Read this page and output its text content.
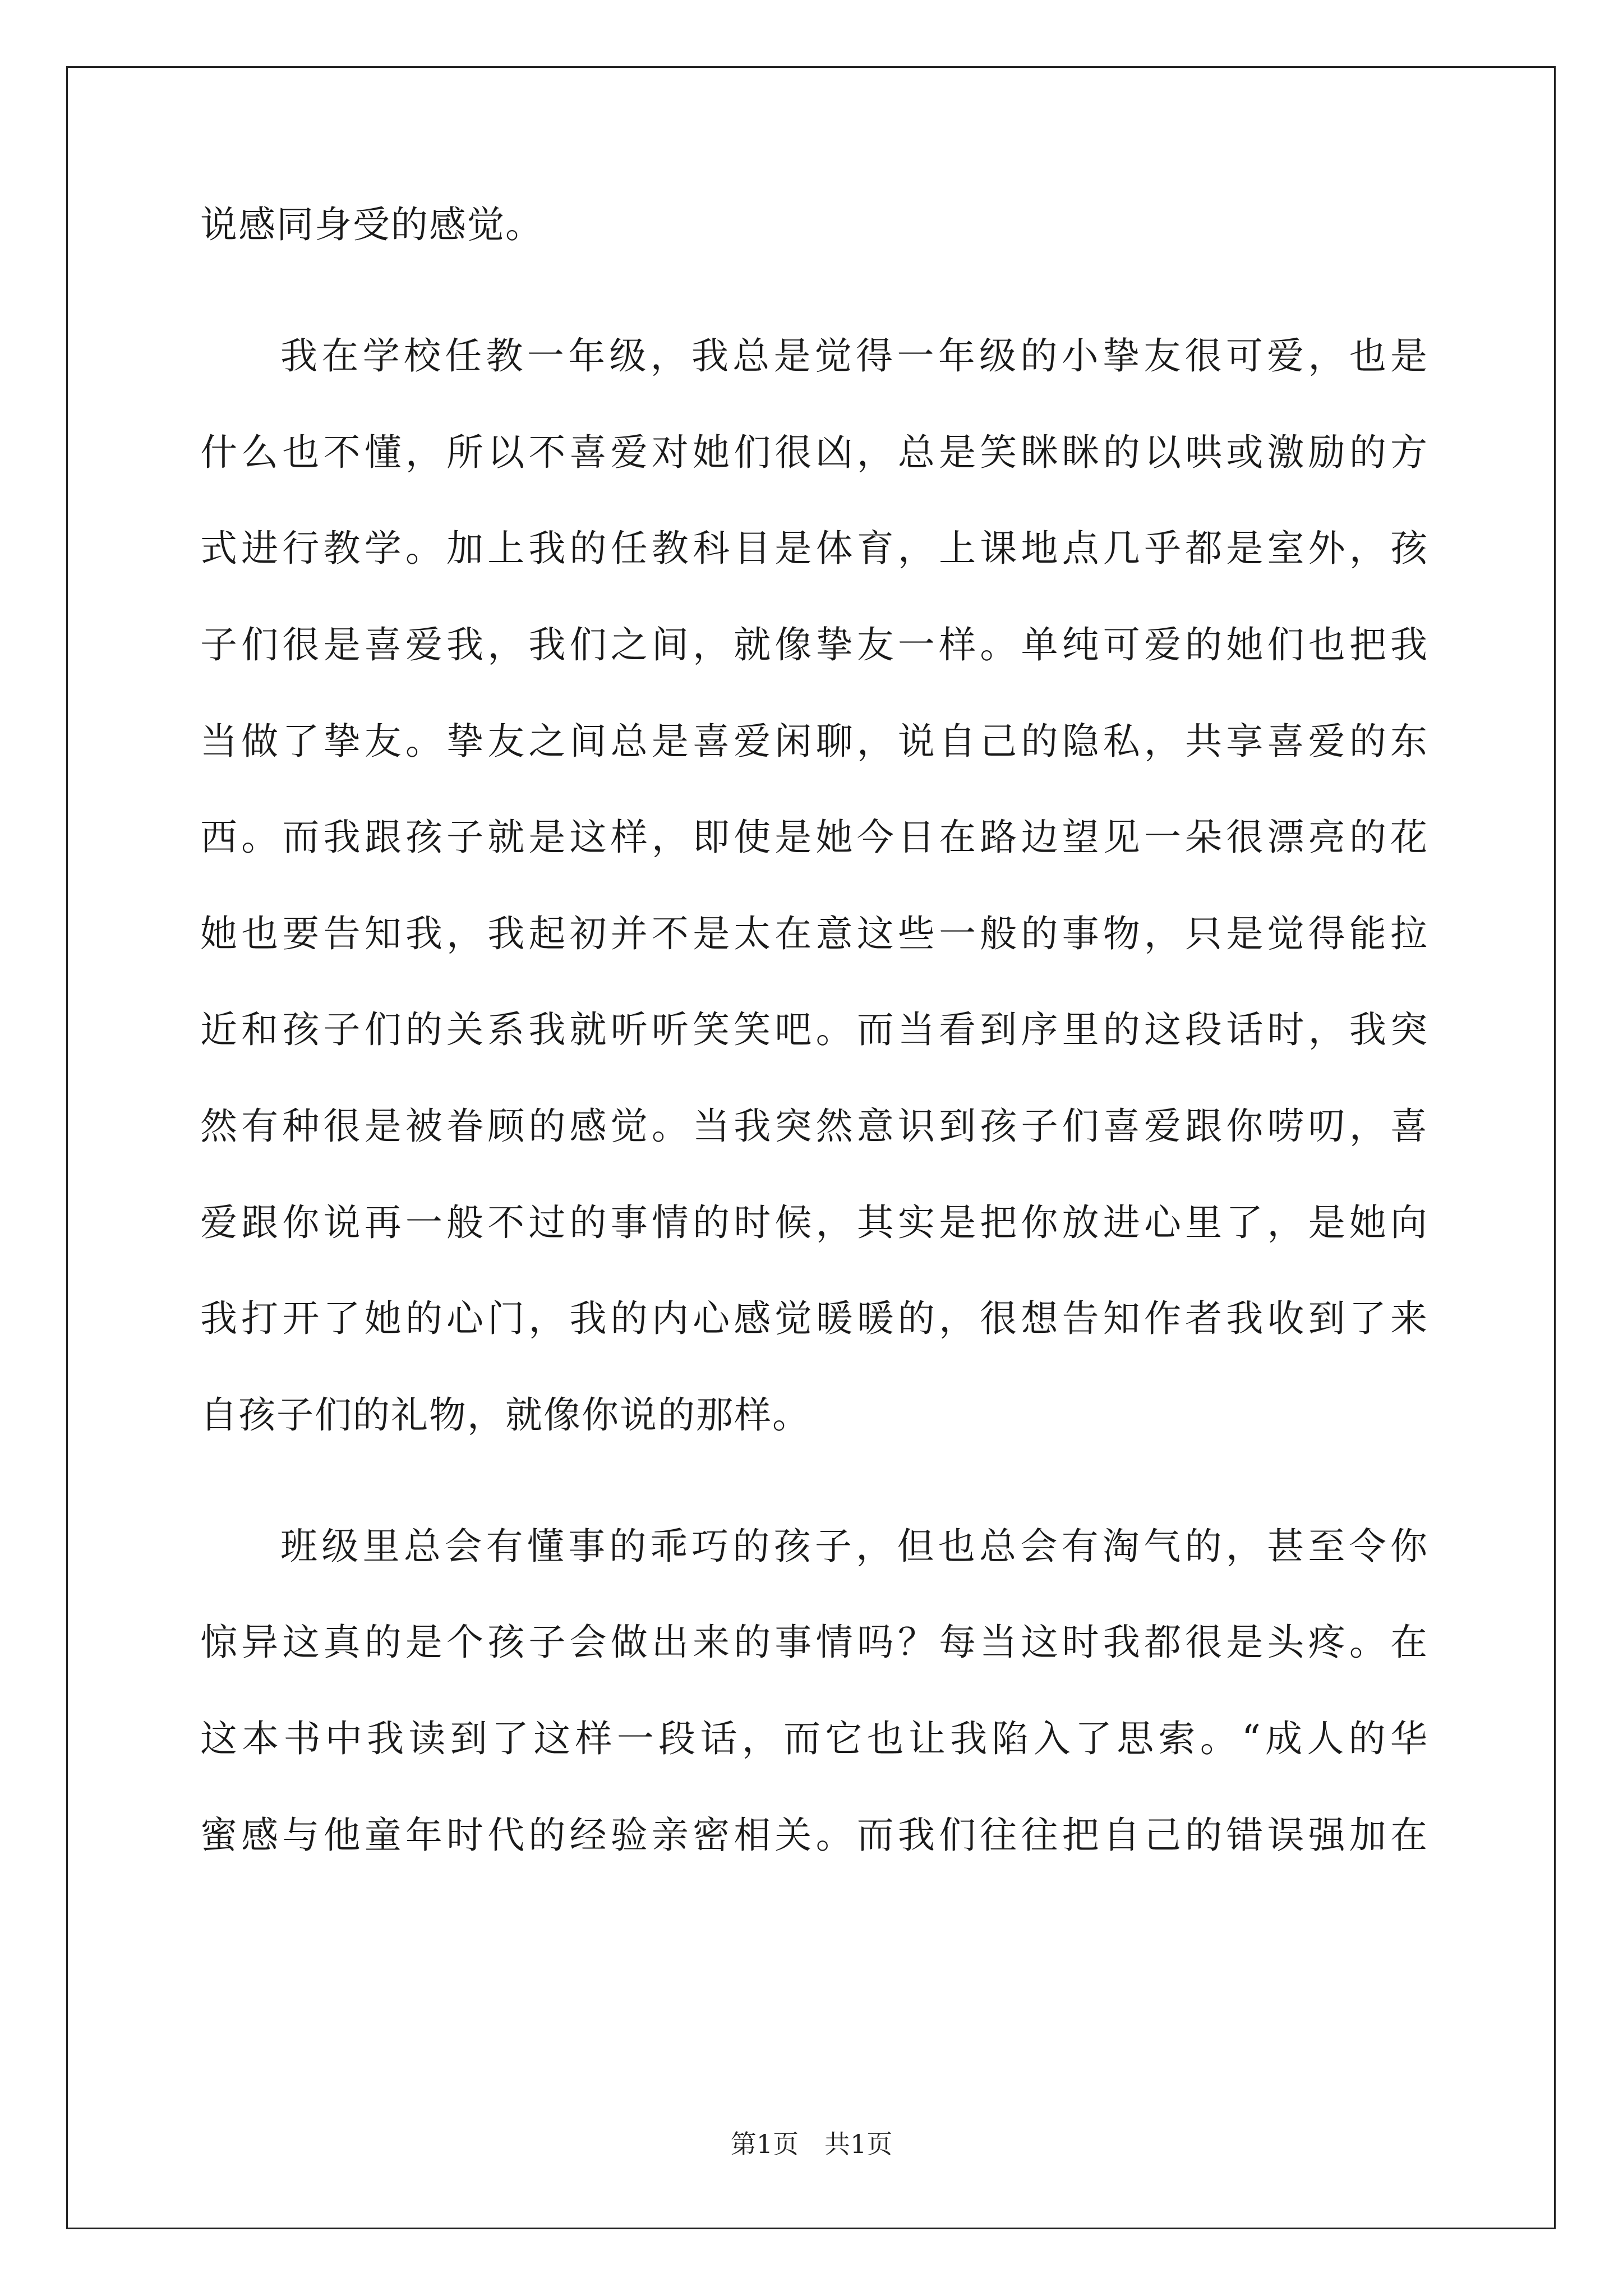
说感同身受的感觉。
我在学校任教一年级，我总是觉得一年级的小挚友很可爱，也是
什么也不懂，所以不喜爱对她们很凶，总是笑眯眯的以哄或激励的方
式进行教学。加上我的任教科目是体育，上课地点几乎都是室外，孩
子们很是喜爱我，我们之间，就像挚友一样。单纯可爱的她们也把我
当做了挚友。挚友之间总是喜爱闲聊，说自己的隐私，共享喜爱的东
西。而我跟孩子就是这样，即使是她今日在路边望见一朵很漂亮的花
她也要告知我，我起初并不是太在意这些一般的事物，只是觉得能拉
近和孩子们的关系我就听听笑笑吧。而当看到序里的这段话时，我突
然有种很是被眷顾的感觉。当我突然意识到孩子们喜爱跟你唠叨，喜
爱跟你说再一般不过的事情的时候，其实是把你放进心里了，是她向
我打开了她的心门，我的内心感觉暖暖的，很想告知作者我收到了来
自孩子们的礼物，就像你说的那样。
班级里总会有懂事的乖巧的孩子，但也总会有淘气的，甚至令你
惊异这真的是个孩子会做出来的事情吗？每当这时我都很是头疼。在
这本书中我读到了这样一段话，而它也让我陷入了思索。“成人的华
蜜感与他童年时代的经验亲密相关。而我们往往把自己的错误强加在
第1页　共1页
